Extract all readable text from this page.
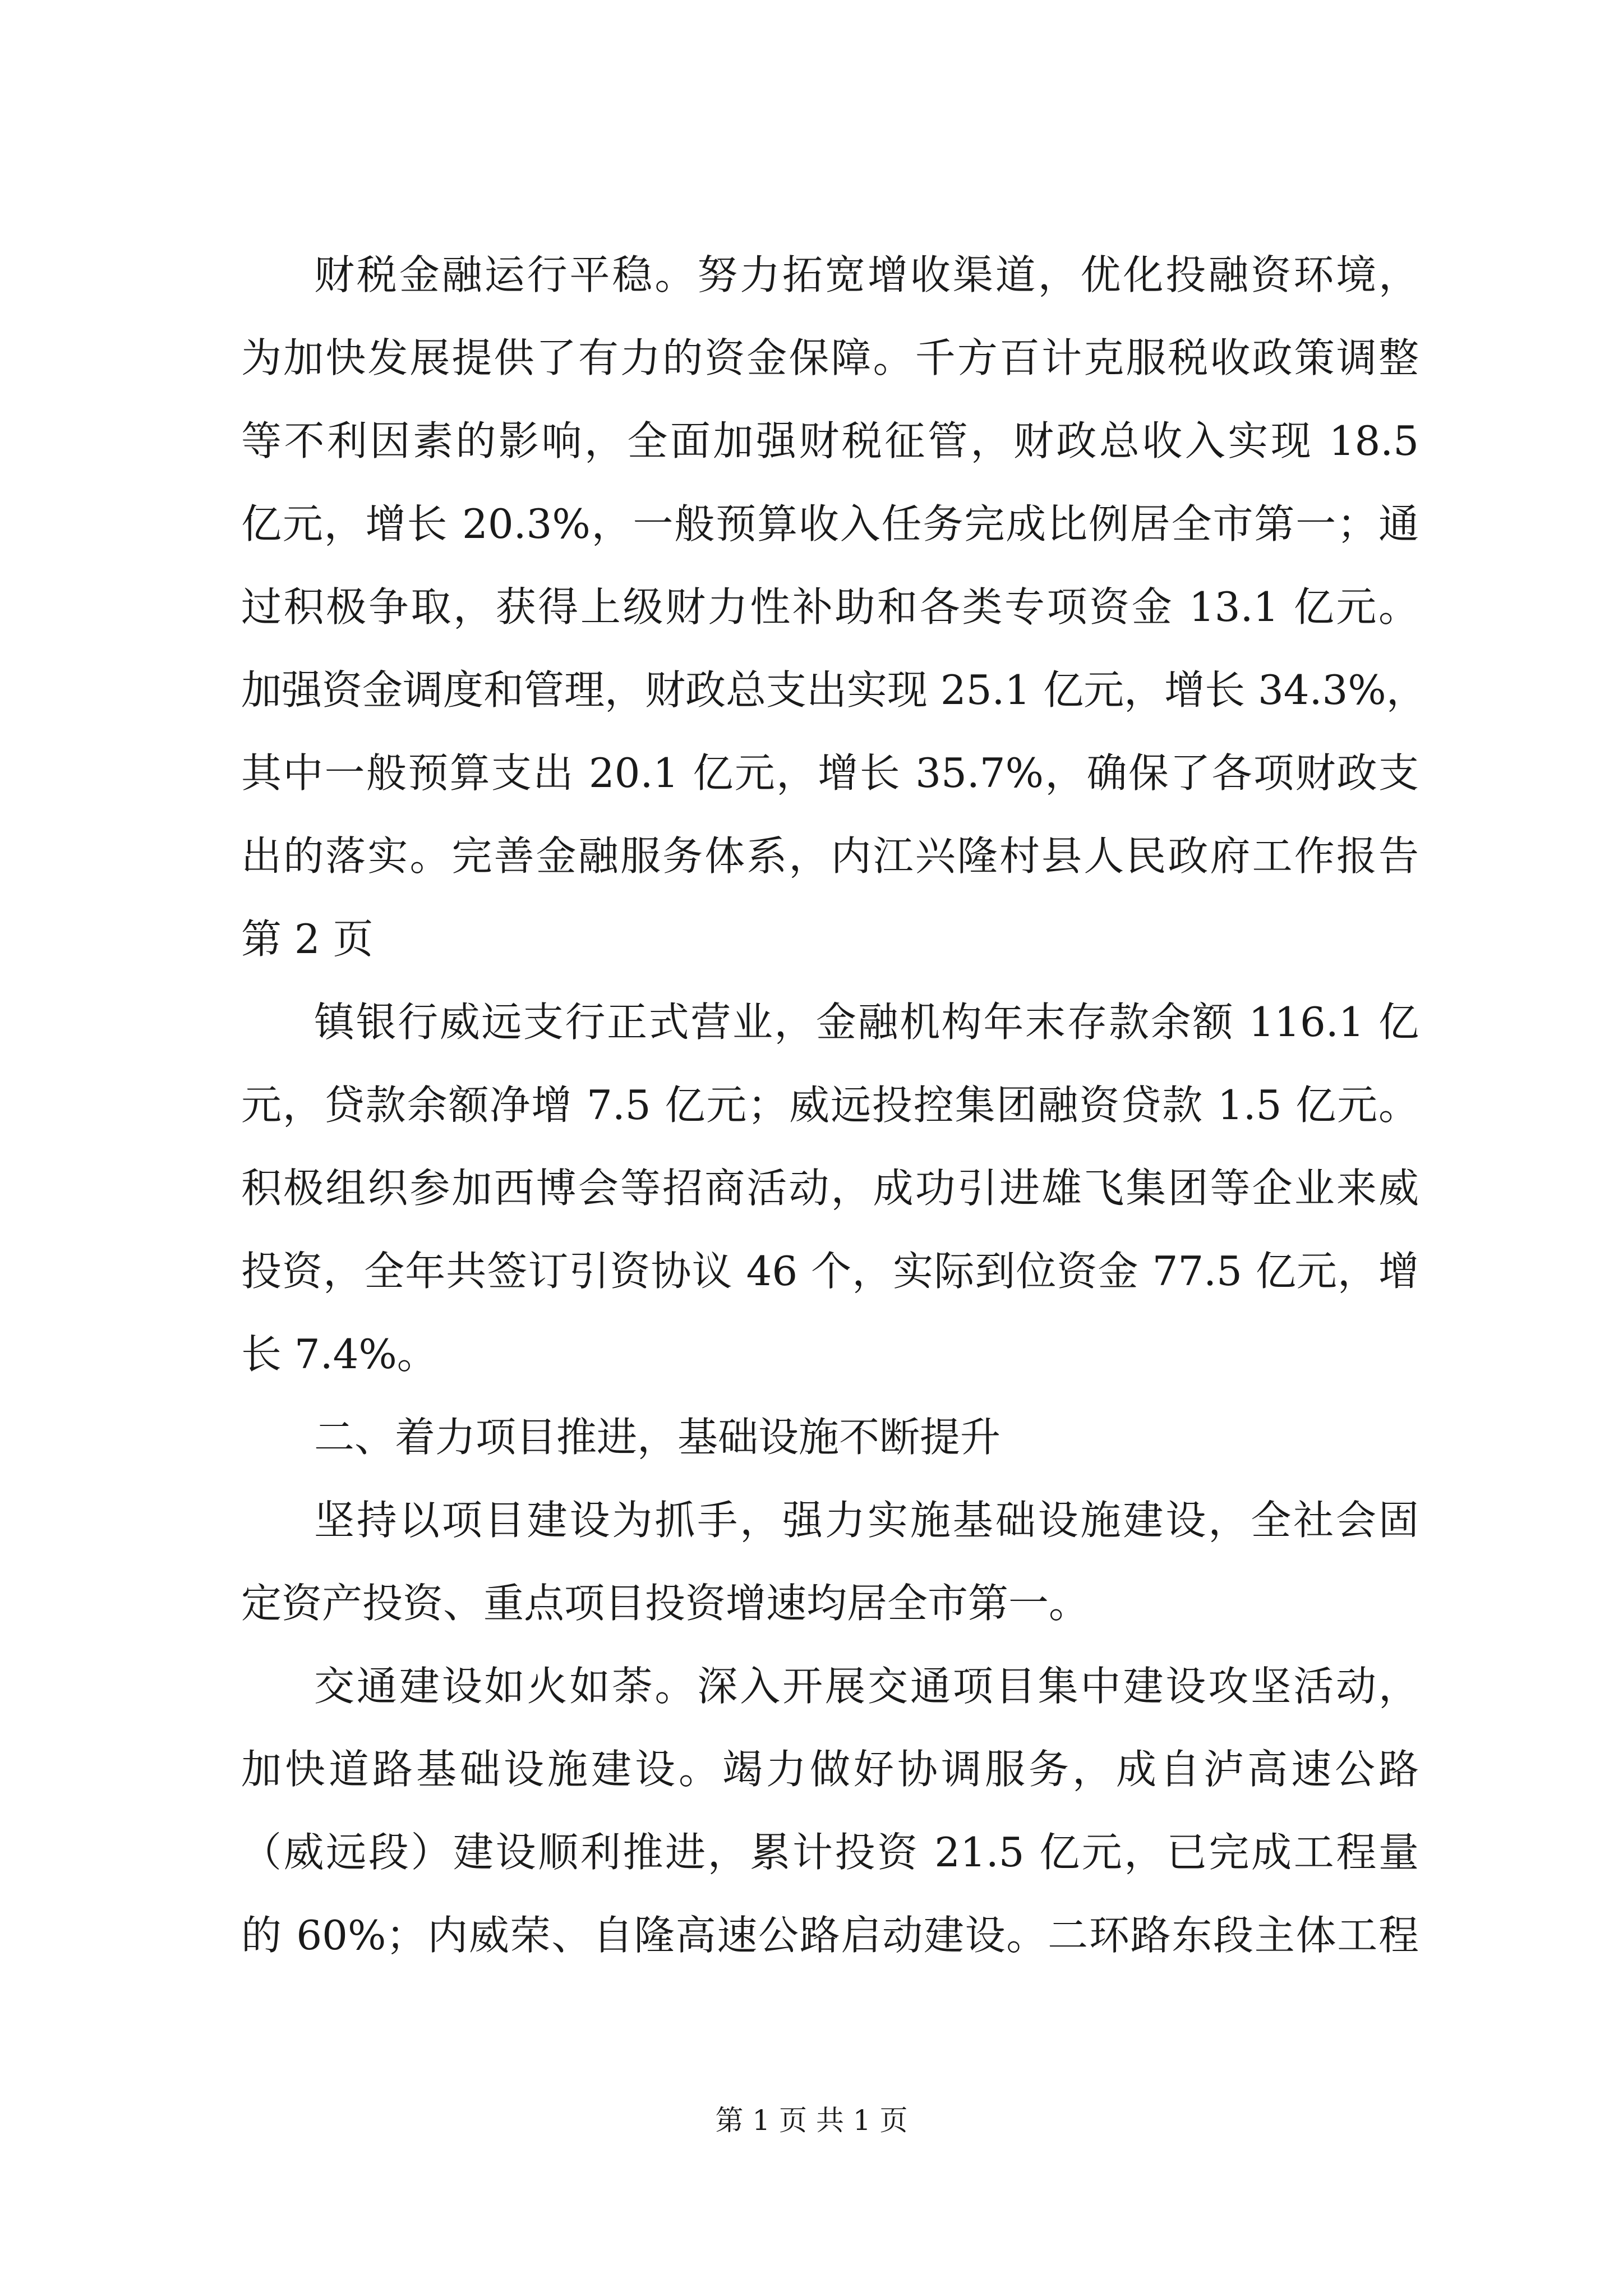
财税金融运行平稳。努力拓宽增收渠道，优化投融资环境，
为加快发展提供了有力的资金保障。千方百计克服税收政策调整
等不利因素的影响，全面加强财税征管，财政总收入实现 18.5
亿元，增长 20.3%，一般预算收入任务完成比例居全市第一；通
过积极争取，获得上级财力性补助和各类专项资金 13.1 亿元。
加强资金调度和管理，财政总支出实现 25.1 亿元，增长 34.3%，
其中一般预算支出 20.1 亿元，增长 35.7%，确保了各项财政支
出的落实。完善金融服务体系，内江兴隆村县人民政府工作报告
第 2 页
镇银行威远支行正式营业，金融机构年末存款余额 116.1 亿
元，贷款余额净增 7.5 亿元；威远投控集团融资贷款 1.5 亿元。
积极组织参加西博会等招商活动，成功引进雄飞集团等企业来威
投资，全年共签订引资协议 46 个，实际到位资金 77.5 亿元，增
长 7.4%。
二、着力项目推进，基础设施不断提升
坚持以项目建设为抓手，强力实施基础设施建设，全社会固
定资产投资、重点项目投资增速均居全市第一。
交通建设如火如荼。深入开展交通项目集中建设攻坚活动，
加快道路基础设施建设。竭力做好协调服务，成自泸高速公路
（威远段）建设顺利推进，累计投资 21.5 亿元，已完成工程量
的 60%；内威荣、自隆高速公路启动建设。二环路东段主体工程
第 1 页 共 1 页
